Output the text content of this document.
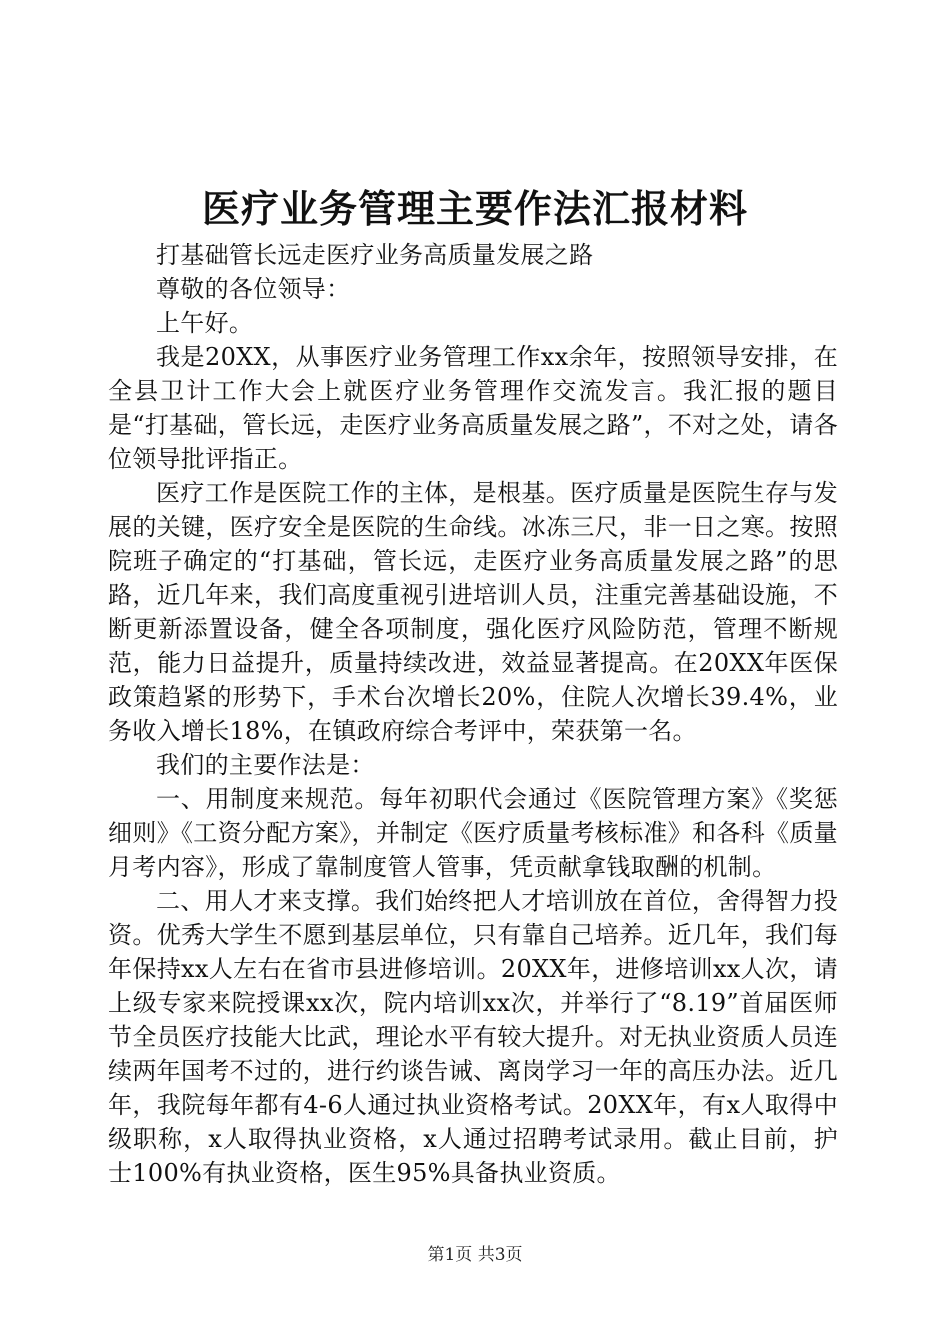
医疗业务管理主要作法汇报材料

打基础管长远走医疗业务高质量发展之路

尊敬的各位领导：

上午好。

我是20XX，从事医疗业务管理工作xx余年，按照领导安排，在全县卫计工作大会上就医疗业务管理作交流发言。我汇报的题目是“打基础，管长远，走医疗业务高质量发展之路”，不对之处，请各位领导批评指正。

医疗工作是医院工作的主体，是根基。医疗质量是医院生存与发展的关键，医疗安全是医院的生命线。冰冻三尺，非一日之寒。按照院班子确定的“打基础，管长远，走医疗业务高质量发展之路”的思路，近几年来，我们高度重视引进培训人员，注重完善基础设施，不断更新添置设备，健全各项制度，强化医疗风险防范，管理不断规范，能力日益提升，质量持续改进，效益显著提高。在20XX年医保政策趋紧的形势下，手术台次增长20%，住院人次增长39.4%，业务收入增长18%，在镇政府综合考评中，荣获第一名。

我们的主要作法是：

一、用制度来规范。每年初职代会通过《医院管理方案》《奖惩细则》《工资分配方案》，并制定《医疗质量考核标准》和各科《质量月考内容》，形成了靠制度管人管事，凭贡献拿钱取酬的机制。

二、用人才来支撑。我们始终把人才培训放在首位，舍得智力投资。优秀大学生不愿到基层单位，只有靠自己培养。近几年，我们每年保持xx人左右在省市县进修培训。20XX年，进修培训xx人次，请上级专家来院授课xx次，院内培训xx次，并举行了“8.19”首届医师节全员医疗技能大比武，理论水平有较大提升。对无执业资质人员连续两年国考不过的，进行约谈告诫、离岗学习一年的高压办法。近几年，我院每年都有4-6人通过执业资格考试。20XX年，有x人取得中级职称，x人取得执业资格，x人通过招聘考试录用。截止目前，护士100%有执业资格，医生95%具备执业资质。

第1页 共3页
